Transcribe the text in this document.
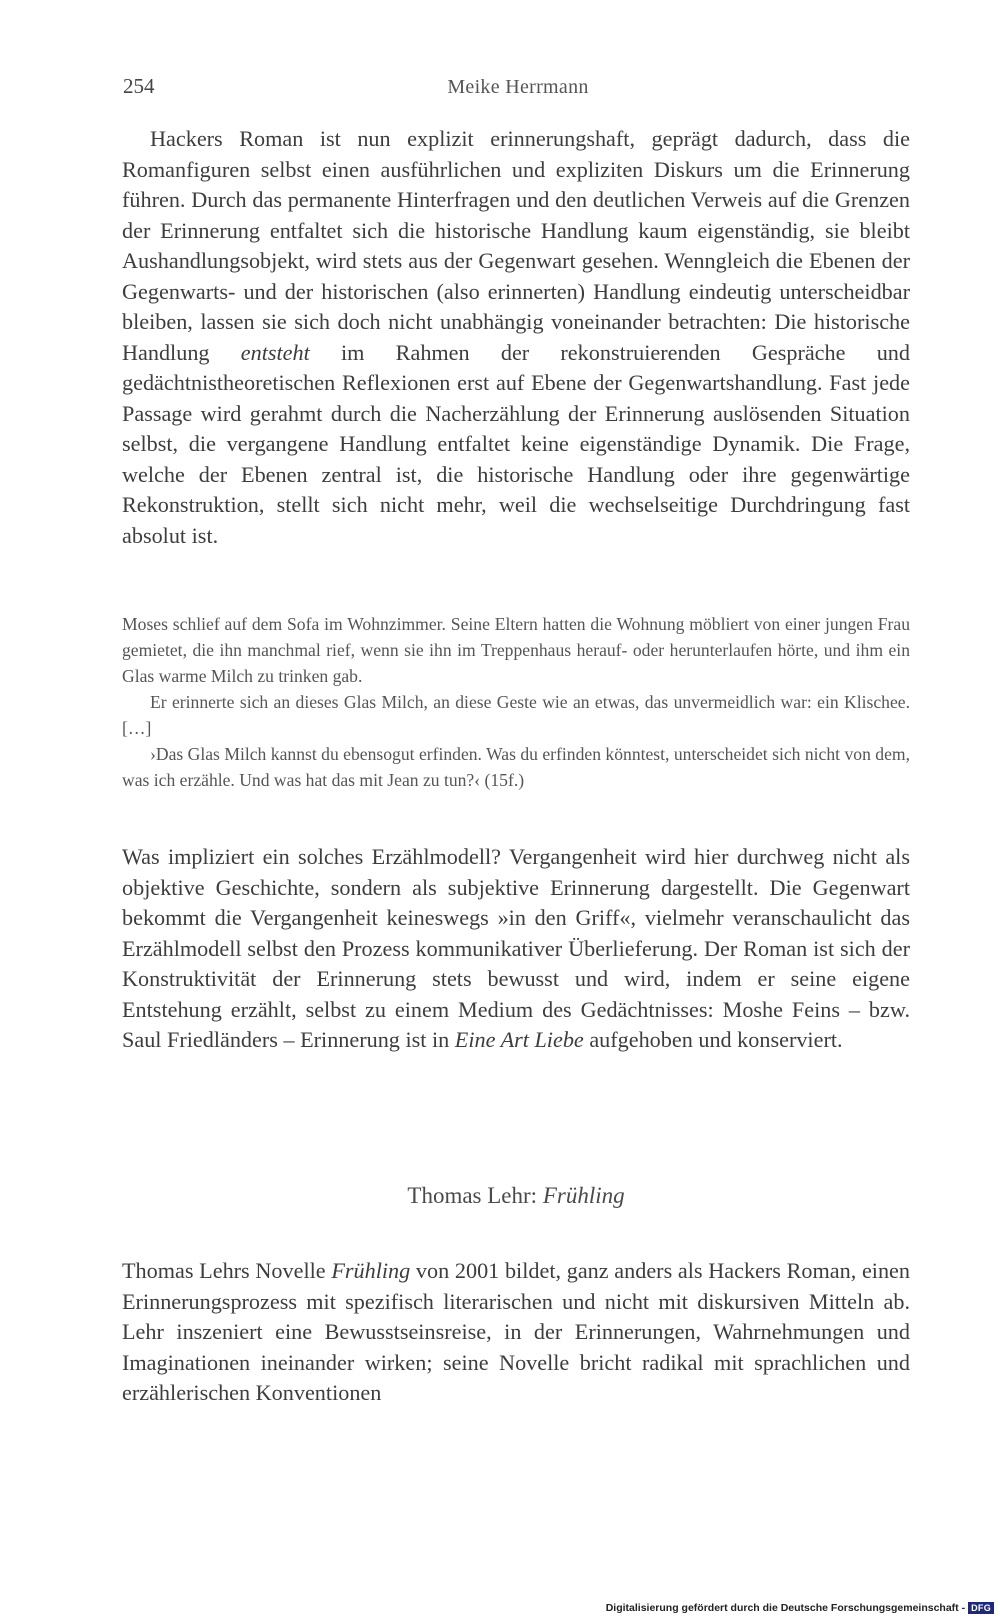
254	Meike Herrmann

Hackers Roman ist nun explizit erinnerungshaft, geprägt dadurch, dass die Romanfiguren selbst einen ausführlichen und expliziten Diskurs um die Erinnerung führen. Durch das permanente Hinterfragen und den deutlichen Verweis auf die Grenzen der Erinnerung entfaltet sich die historische Handlung kaum eigenständig, sie bleibt Aushandlungsobjekt, wird stets aus der Gegenwart gesehen. Wenngleich die Ebenen der Gegenwarts- und der historischen (also erinnerten) Handlung eindeutig unterscheidbar bleiben, lassen sie sich doch nicht unabhängig voneinander betrachten: Die historische Handlung entsteht im Rahmen der rekonstruierenden Gespräche und gedächtnistheoretischen Reflexionen erst auf Ebene der Gegenwartshandlung. Fast jede Passage wird gerahmt durch die Nacherzählung der Erinnerung auslösenden Situation selbst, die vergangene Handlung entfaltet keine eigenständige Dynamik. Die Frage, welche der Ebenen zentral ist, die historische Handlung oder ihre gegenwärtige Rekonstruktion, stellt sich nicht mehr, weil die wechselseitige Durchdringung fast absolut ist.

Moses schlief auf dem Sofa im Wohnzimmer. Seine Eltern hatten die Wohnung möbliert von einer jungen Frau gemietet, die ihn manchmal rief, wenn sie ihn im Treppenhaus herauf- oder herunterlaufen hörte, und ihm ein Glas warme Milch zu trinken gab.

Er erinnerte sich an dieses Glas Milch, an diese Geste wie an etwas, das unvermeidlich war: ein Klischee. […]

›Das Glas Milch kannst du ebensogut erfinden. Was du erfinden könntest, unterscheidet sich nicht von dem, was ich erzähle. Und was hat das mit Jean zu tun?‹ (15f.)

Was impliziert ein solches Erzählmodell? Vergangenheit wird hier durchweg nicht als objektive Geschichte, sondern als subjektive Erinnerung dargestellt. Die Gegenwart bekommt die Vergangenheit keineswegs »in den Griff«, vielmehr veranschaulicht das Erzählmodell selbst den Prozess kommunikativer Überlieferung. Der Roman ist sich der Konstruktivität der Erinnerung stets bewusst und wird, indem er seine eigene Entstehung erzählt, selbst zu einem Medium des Gedächtnisses: Moshe Feins – bzw. Saul Friedländers – Erinnerung ist in Eine Art Liebe aufgehoben und konserviert.

Thomas Lehr: Frühling

Thomas Lehrs Novelle Frühling von 2001 bildet, ganz anders als Hackers Roman, einen Erinnerungsprozess mit spezifisch literarischen und nicht mit diskursiven Mitteln ab. Lehr inszeniert eine Bewusstseinsreise, in der Erinnerungen, Wahrnehmungen und Imaginationen ineinander wirken; seine Novelle bricht radikal mit sprachlichen und erzählerischen Konventionen

Digitalisierung gefördert durch die Deutsche Forschungsgemeinschaft - DFG
